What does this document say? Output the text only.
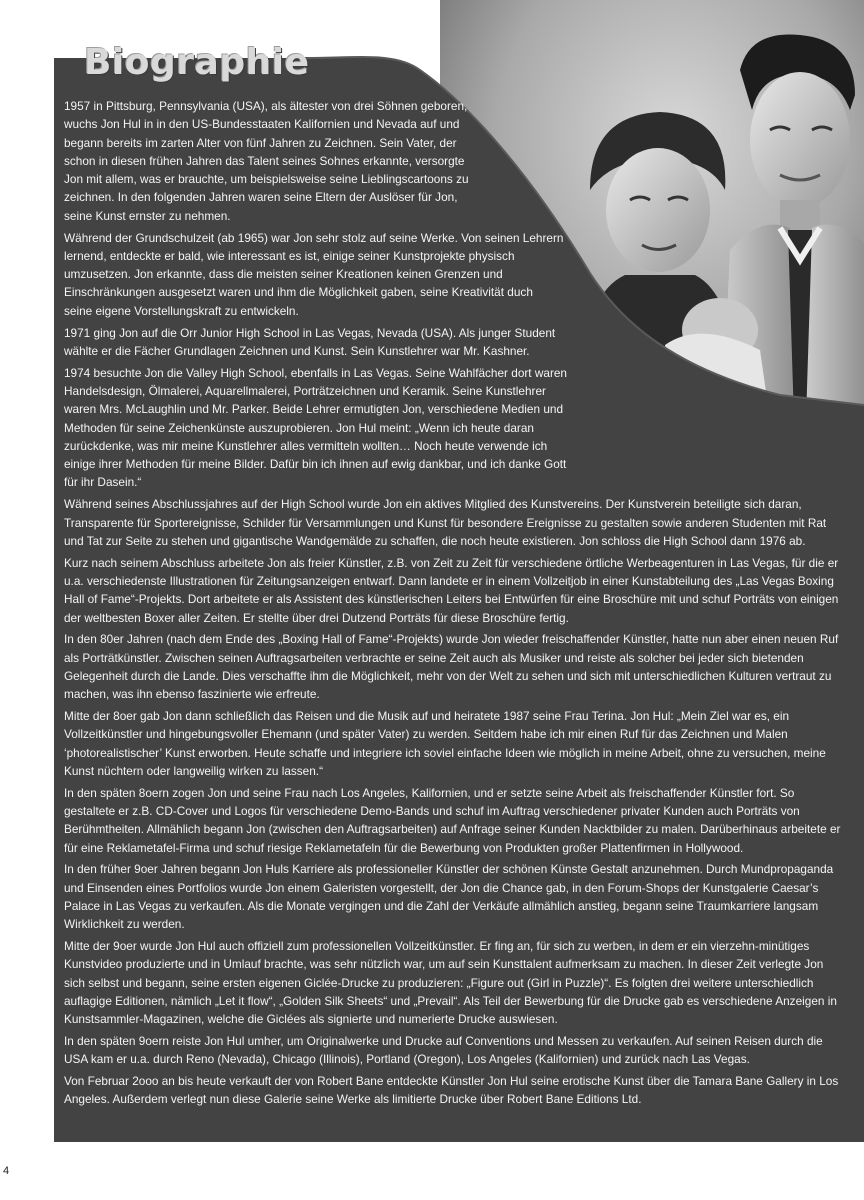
Biography
Biographie

1957 in Pittsburg, Pennsylvania (USA), als ältester von drei Söhnen geboren, wuchs Jon Hul in in den US-Bundesstaaten Kalifornien und Nevada auf und begann bereits im zarten Alter von fünf Jahren zu Zeichnen. Sein Vater, der schon in diesen frühen Jahren das Talent seines Sohnes erkannte, versorgte Jon mit allem, was er brauchte, um beispielsweise seine Lieblingscartoons zu zeichnen. In den folgenden Jahren waren seine Eltern der Auslöser für Jon, seine Kunst ernster zu nehmen.

Während der Grundschulzeit (ab 1965) war Jon sehr stolz auf seine Werke. Von seinen Lehrern lernend, entdeckte er bald, wie interessant es ist, einige seiner Kunstprojekte physisch umzusetzen. Jon erkannte, dass die meisten seiner Kreationen keinen Grenzen und Einschränkungen ausgesetzt waren und ihm die Möglichkeit gaben, seine Kreativität duch seine eigene Vorstellungskraft zu entwickeln.

1971 ging Jon auf die Orr Junior High School in Las Vegas, Nevada (USA). Als junger Student wählte er die Fächer Grundlagen Zeichnen und Kunst. Sein Kunstlehrer war Mr. Kashner.

1974 besuchte Jon die Valley High School, ebenfalls in Las Vegas. Seine Wahlfächer dort waren Handelsdesign, Ölmalerei, Aquarellmalerei, Porträtzeichnen und Keramik. Seine Kunstlehrer waren Mrs. McLaughlin und Mr. Parker. Beide Lehrer ermutigten Jon, verschiedene Medien und Methoden für seine Zeichenkünste auszuprobieren. Jon Hul meint: „Wenn ich heute daran zurückdenke, was mir meine Kunstlehrer alles vermitteln wollten… Noch heute verwende ich einige ihrer Methoden für meine Bilder. Dafür bin ich ihnen auf ewig dankbar, und ich danke Gott für ihr Dasein.“

Während seines Abschlussjahres auf der High School wurde Jon ein aktives Mitglied des Kunstvereins. Der Kunstverein beteiligte sich daran, Transparente für Sportereignisse, Schilder für Versammlungen und Kunst für besondere Ereignisse zu gestalten sowie anderen Studenten mit Rat und Tat zur Seite zu stehen und gigantische Wandgemälde zu schaffen, die noch heute existieren. Jon schloss die High School dann 1976 ab.

Kurz nach seinem Abschluss arbeitete Jon als freier Künstler, z.B. von Zeit zu Zeit für verschiedene örtliche Werbeagenturen in Las Vegas, für die er u.a. verschiedenste Illustrationen für Zeitungsanzeigen entwarf. Dann landete er in einem Vollzeitjob in einer Kunstabteilung des „Las Vegas Boxing Hall of Fame“-Projekts. Dort arbeitete er als Assistent des künstlerischen Leiters bei Entwürfen für eine Broschüre mit und schuf Porträts von einigen der weltbesten Boxer aller Zeiten. Er stellte über drei Dutzend Porträts für diese Broschüre fertig.

In den 80er Jahren (nach dem Ende des „Boxing Hall of Fame“-Projekts) wurde Jon wieder freischaffender Künstler, hatte nun aber einen neuen Ruf als Porträtkünstler. Zwischen seinen Auftragsarbeiten verbrachte er seine Zeit auch als Musiker und reiste als solcher bei jeder sich bietenden Gelegenheit durch die Lande. Dies verschaffte ihm die Möglichkeit, mehr von der Welt zu sehen und sich mit unterschiedlichen Kulturen vertraut zu machen, was ihn ebenso faszinierte wie erfreute.

Mitte der 8oer gab Jon dann schließlich das Reisen und die Musik auf und heiratete 1987 seine Frau Terina. Jon Hul: „Mein Ziel war es, ein Vollzeitkünstler und hingebungsvoller Ehemann (und später Vater) zu werden. Seitdem habe ich mir einen Ruf für das Zeichnen und Malen ‘photorealistischer’ Kunst erworben. Heute schaffe und integriere ich soviel einfache Ideen wie möglich in meine Arbeit, ohne zu versuchen, meine Kunst nüchtern oder langweilig wirken zu lassen.“

In den späten 8oern zogen Jon und seine Frau nach Los Angeles, Kalifornien, und er setzte seine Arbeit als freischaffender Künstler fort. So gestaltete er z.B. CD-Cover und Logos für verschiedene Demo-Bands und schuf im Auftrag verschiedener privater Kunden auch Porträts von Berühmtheiten. Allmählich begann Jon (zwischen den Auftragsarbeiten) auf Anfrage seiner Kunden Nacktbilder zu malen. Darüberhinaus arbeitete er für eine Reklametafel-Firma und schuf riesige Reklametafeln für die Bewerbung von Produkten großer Plattenfirmen in Hollywood.

In den früher 9oer Jahren begann Jon Huls Karriere als professioneller Künstler der schönen Künste Gestalt anzunehmen. Durch Mundpropaganda und Einsenden eines Portfolios wurde Jon einem Galeristen vorgestellt, der Jon die Chance gab, in den Forum-Shops der Kunstgalerie Caesar’s Palace in Las Vegas zu verkaufen. Als die Monate vergingen und die Zahl der Verkäufe allmählich anstieg, begann seine Traumkarriere langsam Wirklichkeit zu werden.

Mitte der 9oer wurde Jon Hul auch offiziell zum professionellen Vollzeitkünstler. Er fing an, für sich zu werben, in dem er ein vierzehn-minütiges Kunstvideo produzierte und in Umlauf brachte, was sehr nützlich war, um auf sein Kunsttalent aufmerksam zu machen. In dieser Zeit verlegte Jon sich selbst und begann, seine ersten eigenen Giclée-Drucke zu produzieren: „Figure out (Girl in Puzzle)“. Es folgten drei weitere unterschiedlich auflagige Editionen, nämlich „Let it flow“, „Golden Silk Sheets“ und „Prevail“. Als Teil der Bewerbung für die Drucke gab es verschiedene Anzeigen in Kunstsammler-Magazinen, welche die Giclées als signierte und numerierte Drucke auswiesen.

In den späten 9oern reiste Jon Hul umher, um Originalwerke und Drucke auf Conventions und Messen zu verkaufen. Auf seinen Reisen durch die USA kam er u.a. durch Reno (Nevada), Chicago (Illinois), Portland (Oregon), Los Angeles (Kalifornien) und zurück nach Las Vegas.

Von Februar 2ooo an bis heute verkauft der von Robert Bane entdeckte Künstler Jon Hul seine erotische Kunst über die Tamara Bane Gallery in Los Angeles. Außerdem verlegt nun diese Galerie seine Werke als limitierte Drucke über Robert Bane Editions Ltd.

4
